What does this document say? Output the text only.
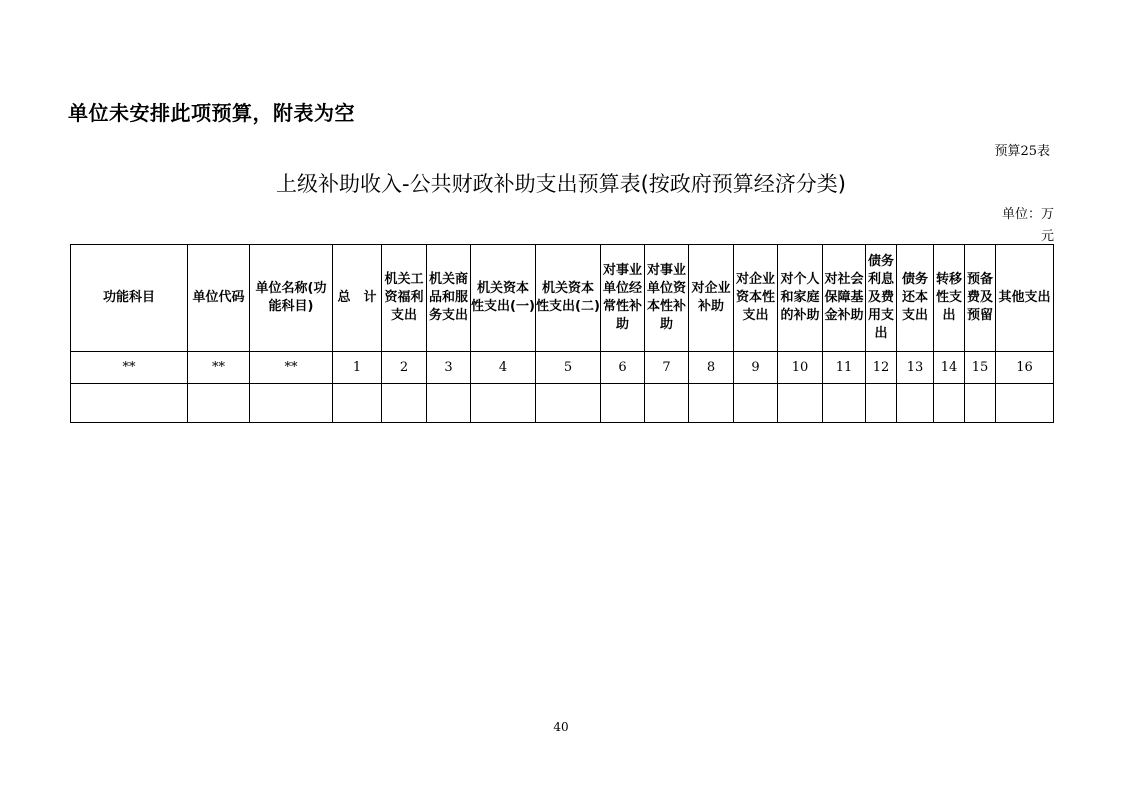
单位未安排此项预算，附表为空
预算25表
上级补助收入-公共财政补助支出预算表(按政府预算经济分类)
单位：万
元
功能科目	单位代码	单位名称(功能科目)	总　计	机关工资福利支出	机关商品和服务支出	机关资本性支出(一)	机关资本性支出(二)	对事业单位经常性补助	对事业单位资本性补助	对企业补助	对企业资本性支出	对个人和家庭的补助	对社会保障基金补助	债务利息及费用支出	债务还本支出	转移性支出	预备费及预留	其他支出
**	**	**	1	2	3	4	5	6	7	8	9	10	11	12	13	14	15	16

40
